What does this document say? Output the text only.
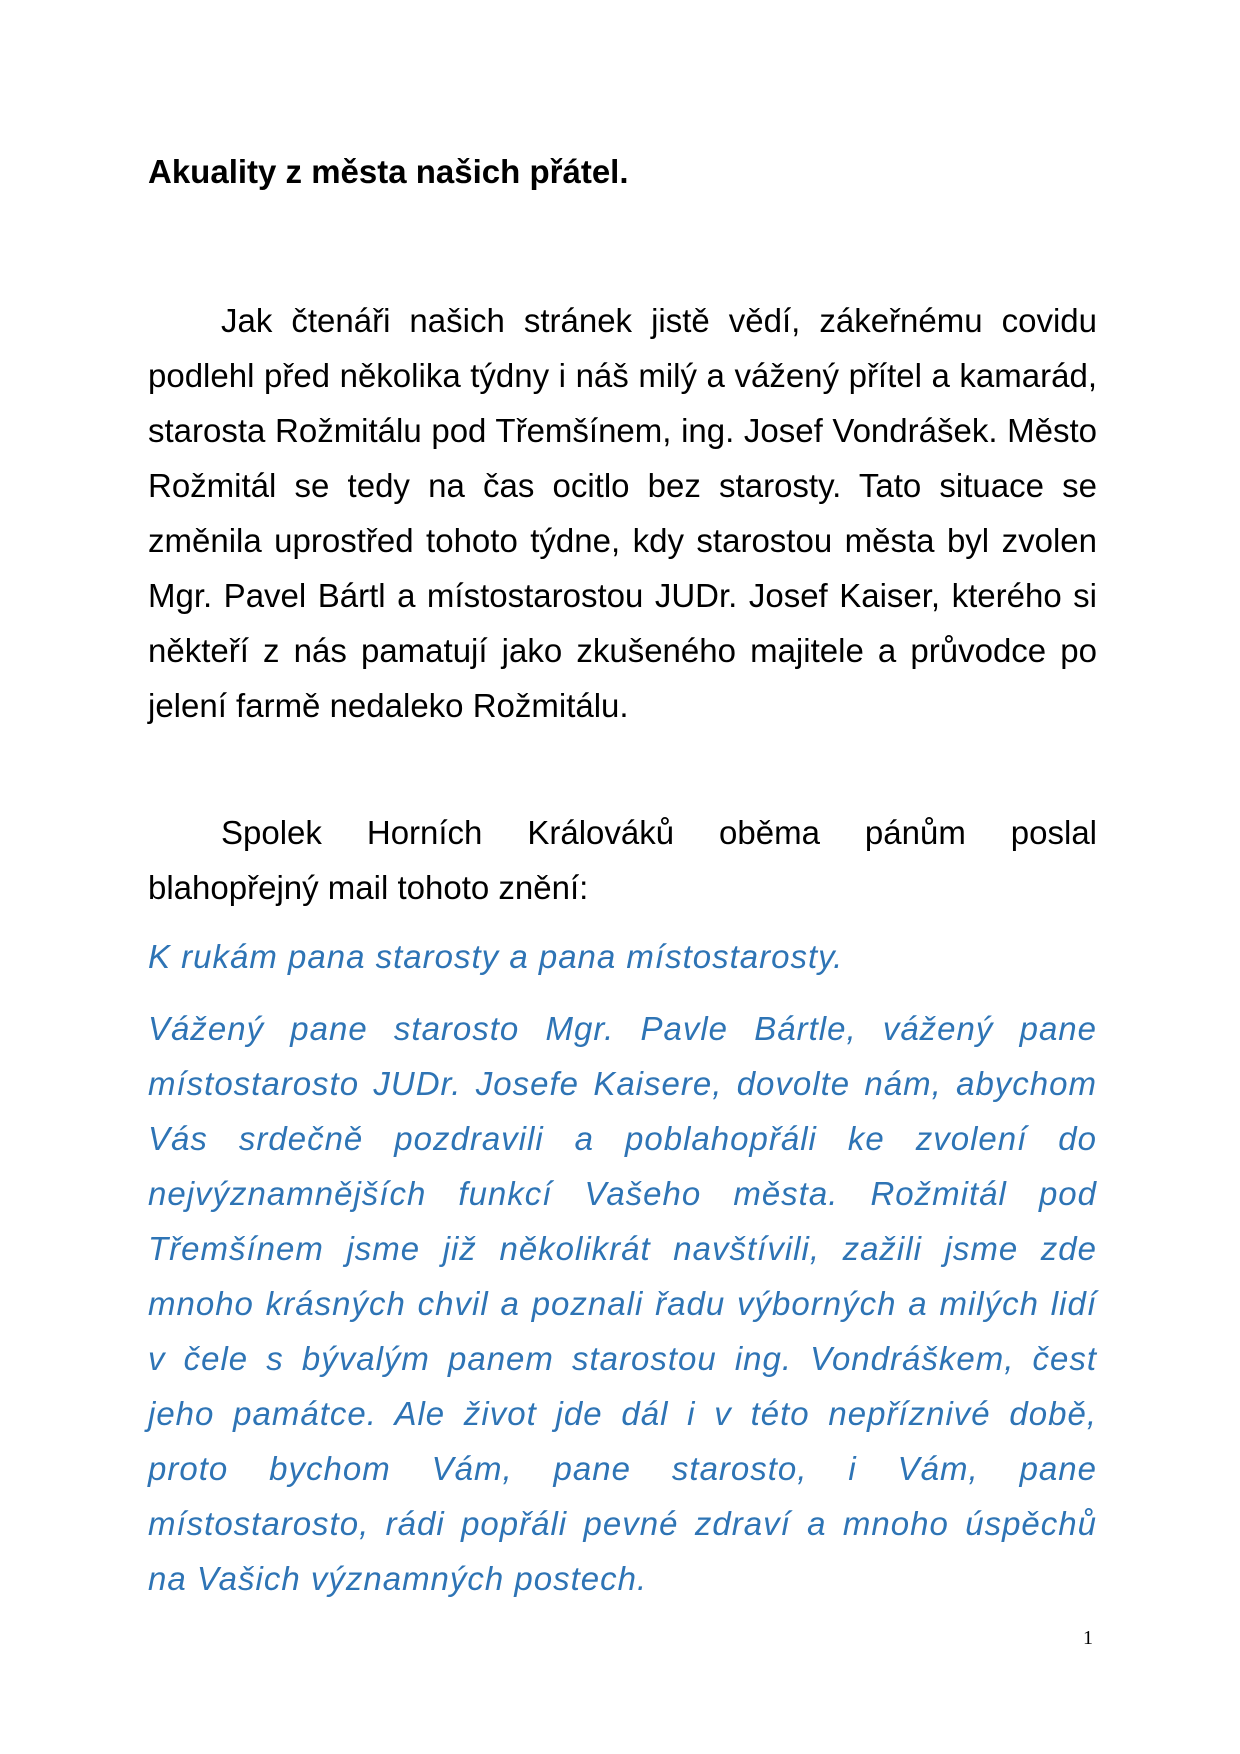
Akuality z města našich přátel.

Jak čtenáři našich stránek jistě vědí, zákeřnému covidu podlehl před několika týdny i náš milý a vážený přítel a kamarád, starosta Rožmitálu pod Třemšínem, ing. Josef Vondrášek. Město Rožmitál se tedy na čas ocitlo bez starosty. Tato situace se změnila uprostřed tohoto týdne, kdy starostou města byl zvolen Mgr. Pavel Bártl a místostarostou JUDr. Josef Kaiser, kterého si někteří z nás pamatují jako zkušeného majitele a průvodce po jelení farmě nedaleko Rožmitálu.

Spolek Horních Králováků oběma pánům poslal blahopřejný mail tohoto znění:

K rukám pana starosty a pana místostarosty.

Vážený pane starosto Mgr. Pavle Bártle, vážený pane místostarosto JUDr. Josefe Kaisere, dovolte nám, abychom Vás srdečně pozdravili a poblahopřáli ke zvolení do nejvýznamnějších funkcí Vašeho města. Rožmitál pod Třemšínem jsme již několikrát navštívili, zažili jsme zde mnoho krásných chvil a poznali řadu výborných a milých lidí v čele s bývalým panem starostou ing. Vondráškem, čest jeho památce. Ale život jde dál i v této nepříznivé době, proto bychom Vám, pane starosto, i Vám, pane místostarosto, rádi popřáli pevné zdraví a mnoho úspěchů na Vašich významných postech.

1
